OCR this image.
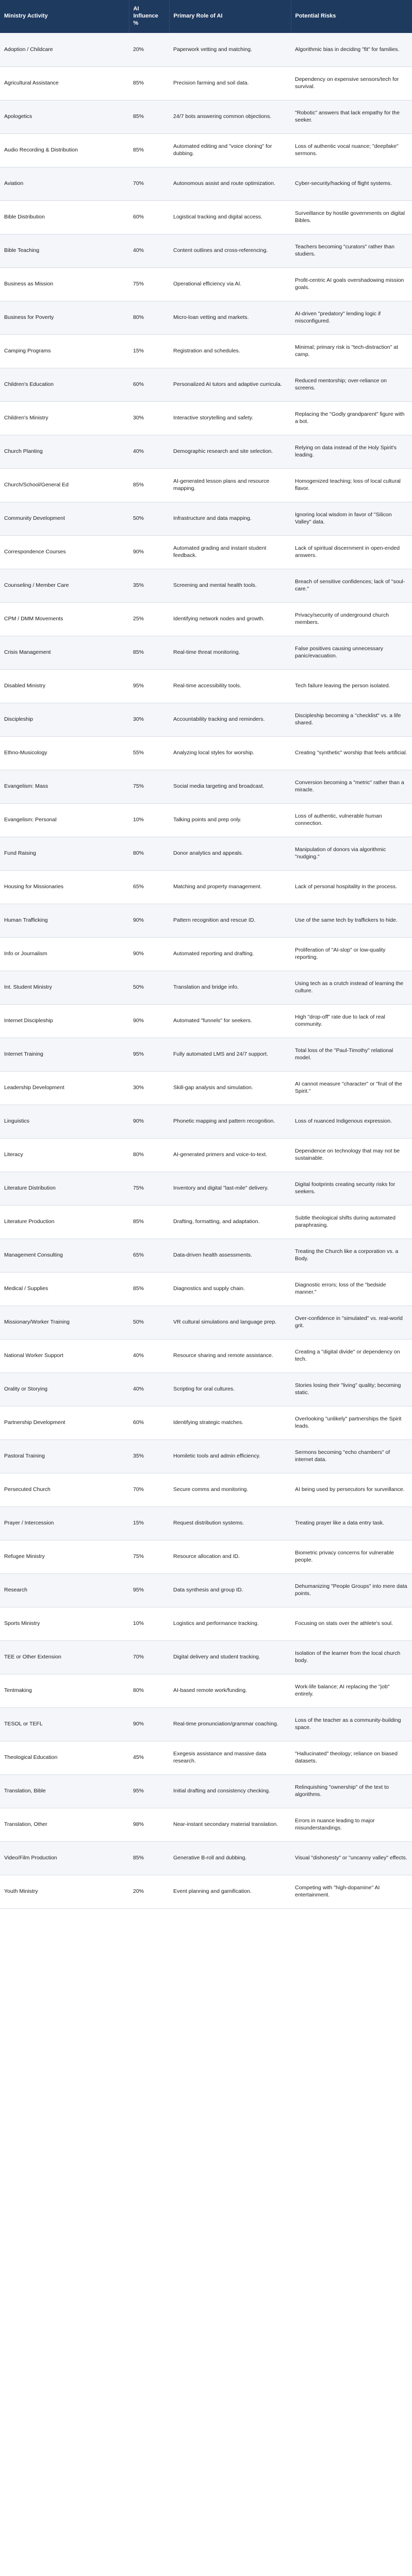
Ministry Activity	AI Influence %	Primary Role of AI	Potential Risks
Adoption / Childcare	20%	Paperwork vetting and matching.	Algorithmic bias in deciding "fit" for families.
Agricultural Assistance	85%	Precision farming and soil data.	Dependency on expensive sensors/tech for survival.
Apologetics	85%	24/7 bots answering common objections.	"Robotic" answers that lack empathy for the seeker.
Audio Recording & Distribution	85%	Automated editing and "voice cloning" for dubbing.	Loss of authentic vocal nuance; "deepfake" sermons.
Aviation	70%	Autonomous assist and route optimization.	Cyber-security/hacking of flight systems.
Bible Distribution	60%	Logistical tracking and digital access.	Surveillance by hostile governments on digital Bibles.
Bible Teaching	40%	Content outlines and cross-referencing.	Teachers becoming "curators" rather than studiers.
Business as Mission	75%	Operational efficiency via AI.	Profit-centric AI goals overshadowing mission goals.
Business for Poverty	80%	Micro-loan vetting and markets.	AI-driven "predatory" lending logic if misconfigured.
Camping Programs	15%	Registration and schedules.	Minimal; primary risk is "tech-distraction" at camp.
Children's Education	60%	Personalized AI tutors and adaptive curricula.	Reduced mentorship; over-reliance on screens.
Children's Ministry	30%	Interactive storytelling and safety.	Replacing the "Godly grandparent" figure with a bot.
Church Planting	40%	Demographic research and site selection.	Relying on data instead of the Holy Spirit's leading.
Church/School/General Ed	85%	AI-generated lesson plans and resource mapping.	Homogenized teaching; loss of local cultural flavor.
Community Development	50%	Infrastructure and data mapping.	Ignoring local wisdom in favor of "Silicon Valley" data.
Correspondence Courses	90%	Automated grading and instant student feedback.	Lack of spiritual discernment in open-ended answers.
Counseling / Member Care	35%	Screening and mental health tools.	Breach of sensitive confidences; lack of "soul-care."
CPM / DMM Movements	25%	Identifying network nodes and growth.	Privacy/security of underground church members.
Crisis Management	85%	Real-time threat monitoring.	False positives causing unnecessary panic/evacuation.
Disabled Ministry	95%	Real-time accessibility tools.	Tech failure leaving the person isolated.
Discipleship	30%	Accountability tracking and reminders.	Discipleship becoming a "checklist" vs. a life shared.
Ethno-Musicology	55%	Analyzing local styles for worship.	Creating "synthetic" worship that feels artificial.
Evangelism: Mass	75%	Social media targeting and broadcast.	Conversion becoming a "metric" rather than a miracle.
Evangelism: Personal	10%	Talking points and prep only.	Loss of authentic, vulnerable human connection.
Fund Raising	80%	Donor analytics and appeals.	Manipulation of donors via algorithmic "nudging."
Housing for Missionaries	65%	Matching and property management.	Lack of personal hospitality in the process.
Human Trafficking	90%	Pattern recognition and rescue ID.	Use of the same tech by traffickers to hide.
Info or Journalism	90%	Automated reporting and drafting.	Proliferation of "AI-slop" or low-quality reporting.
Int. Student Ministry	50%	Translation and bridge info.	Using tech as a crutch instead of learning the culture.
Internet Discipleship	90%	Automated "funnels" for seekers.	High "drop-off" rate due to lack of real community.
Internet Training	95%	Fully automated LMS and 24/7 support.	Total loss of the "Paul-Timothy" relational model.
Leadership Development	30%	Skill-gap analysis and simulation.	AI cannot measure "character" or "fruit of the Spirit."
Linguistics	90%	Phonetic mapping and pattern recognition.	Loss of nuanced Indigenous expression.
Literacy	80%	AI-generated primers and voice-to-text.	Dependence on technology that may not be sustainable.
Literature Distribution	75%	Inventory and digital "last-mile" delivery.	Digital footprints creating security risks for seekers.
Literature Production	85%	Drafting, formatting, and adaptation.	Subtle theological shifts during automated paraphrasing.
Management Consulting	65%	Data-driven health assessments.	Treating the Church like a corporation vs. a Body.
Medical / Supplies	85%	Diagnostics and supply chain.	Diagnostic errors; loss of the "bedside manner."
Missionary/Worker Training	50%	VR cultural simulations and language prep.	Over-confidence in "simulated" vs. real-world grit.
National Worker Support	40%	Resource sharing and remote assistance.	Creating a "digital divide" or dependency on tech.
Orality or Storying	40%	Scripting for oral cultures.	Stories losing their "living" quality; becoming static.
Partnership Development	60%	Identifying strategic matches.	Overlooking "unlikely" partnerships the Spirit leads.
Pastoral Training	35%	Homiletic tools and admin efficiency.	Sermons becoming "echo chambers" of internet data.
Persecuted Church	70%	Secure comms and monitoring.	AI being used by persecutors for surveillance.
Prayer / Intercession	15%	Request distribution systems.	Treating prayer like a data entry task.
Refugee Ministry	75%	Resource allocation and ID.	Biometric privacy concerns for vulnerable people.
Research	95%	Data synthesis and group ID.	Dehumanizing "People Groups" into mere data points.
Sports Ministry	10%	Logistics and performance tracking.	Focusing on stats over the athlete's soul.
TEE or Other Extension	70%	Digital delivery and student tracking.	Isolation of the learner from the local church body.
Tentmaking	80%	AI-based remote work/funding.	Work-life balance; AI replacing the "job" entirely.
TESOL or TEFL	90%	Real-time pronunciation/grammar coaching.	Loss of the teacher as a community-building space.
Theological Education	45%	Exegesis assistance and massive data research.	"Hallucinated" theology; reliance on biased datasets.
Translation, Bible	95%	Initial drafting and consistency checking.	Relinquishing "ownership" of the text to algorithms.
Translation, Other	98%	Near-instant secondary material translation.	Errors in nuance leading to major misunderstandings.
Video/Film Production	85%	Generative B-roll and dubbing.	Visual "dishonesty" or "uncanny valley" effects.
Youth Ministry	20%	Event planning and gamification.	Competing with "high-dopamine" AI entertainment.
